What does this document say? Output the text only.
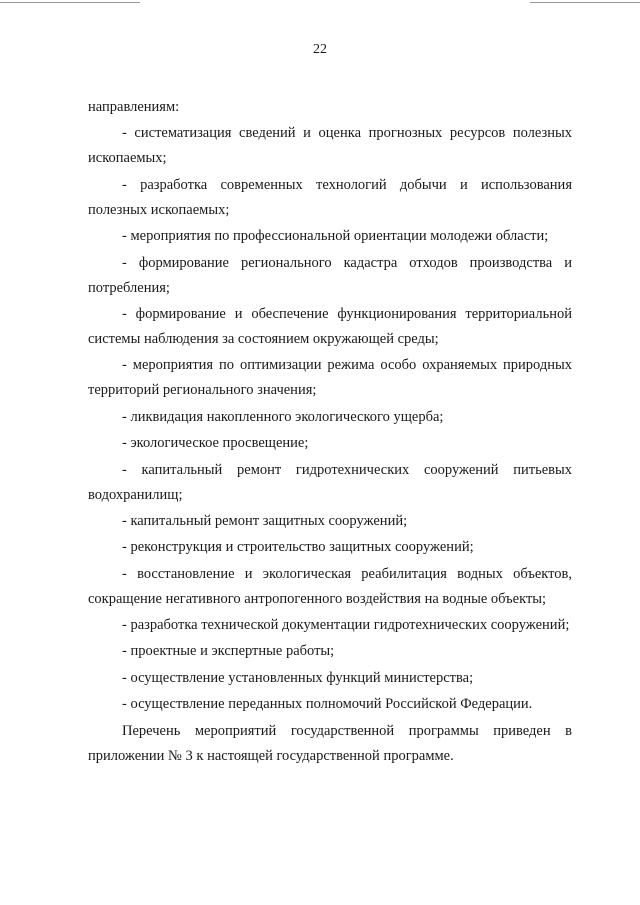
22

направлениям:

- систематизация сведений и оценка прогнозных ресурсов полезных ископаемых;

- разработка современных технологий добычи и использования полезных ископаемых;

- мероприятия по профессиональной ориентации молодежи области;

- формирование регионального кадастра отходов производства и потребления;

- формирование и обеспечение функционирования территориальной системы наблюдения за состоянием окружающей среды;

- мероприятия по оптимизации режима особо охраняемых природных территорий регионального значения;

- ликвидация накопленного экологического ущерба;

- экологическое просвещение;

- капитальный ремонт гидротехнических сооружений питьевых водохранилищ;

- капитальный ремонт защитных сооружений;

- реконструкция и строительство защитных сооружений;

- восстановление и экологическая реабилитация водных объектов, сокращение негативного антропогенного воздействия на водные объекты;

- разработка технической документации гидротехнических сооружений;

- проектные и экспертные работы;

- осуществление установленных функций министерства;

- осуществление переданных полномочий Российской Федерации.

Перечень мероприятий государственной программы приведен в приложении № 3 к настоящей государственной программе.
